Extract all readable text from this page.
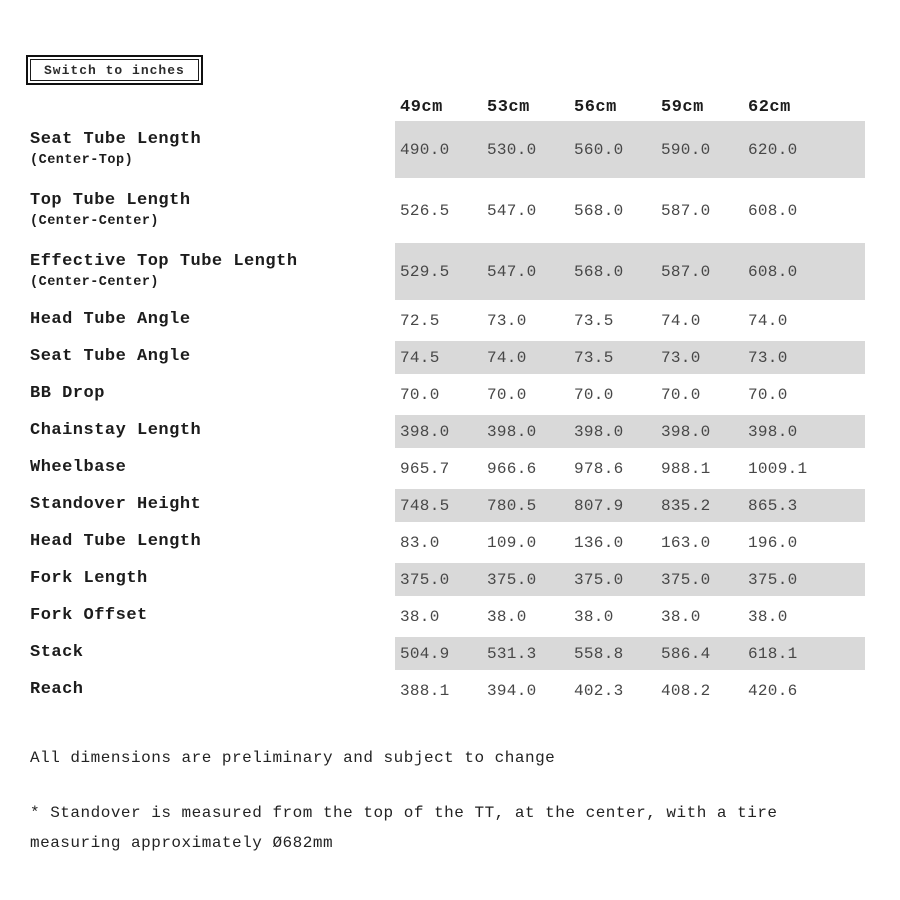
Switch to inches
	49cm	53cm	56cm	59cm	62cm

Seat Tube Length
(Center-Top)	490.0	530.0	560.0	590.0	620.0

Top Tube Length
(Center-Center)	526.5	547.0	568.0	587.0	608.0

Effective Top Tube Length
(Center-Center)	529.5	547.0	568.0	587.0	608.0

Head Tube Angle	72.5	73.0	73.5	74.0	74.0

Seat Tube Angle	74.5	74.0	73.5	73.0	73.0

BB Drop	70.0	70.0	70.0	70.0	70.0

Chainstay Length	398.0	398.0	398.0	398.0	398.0

Wheelbase	965.7	966.6	978.6	988.1	1009.1

Standover Height	748.5	780.5	807.9	835.2	865.3

Head Tube Length	83.0	109.0	136.0	163.0	196.0

Fork Length	375.0	375.0	375.0	375.0	375.0

Fork Offset	38.0	38.0	38.0	38.0	38.0

Stack	504.9	531.3	558.8	586.4	618.1

Reach	388.1	394.0	402.3	408.2	420.6

All dimensions are preliminary and subject to change

* Standover is measured from the top of the TT, at the center, with a tire measuring approximately Ø682mm
